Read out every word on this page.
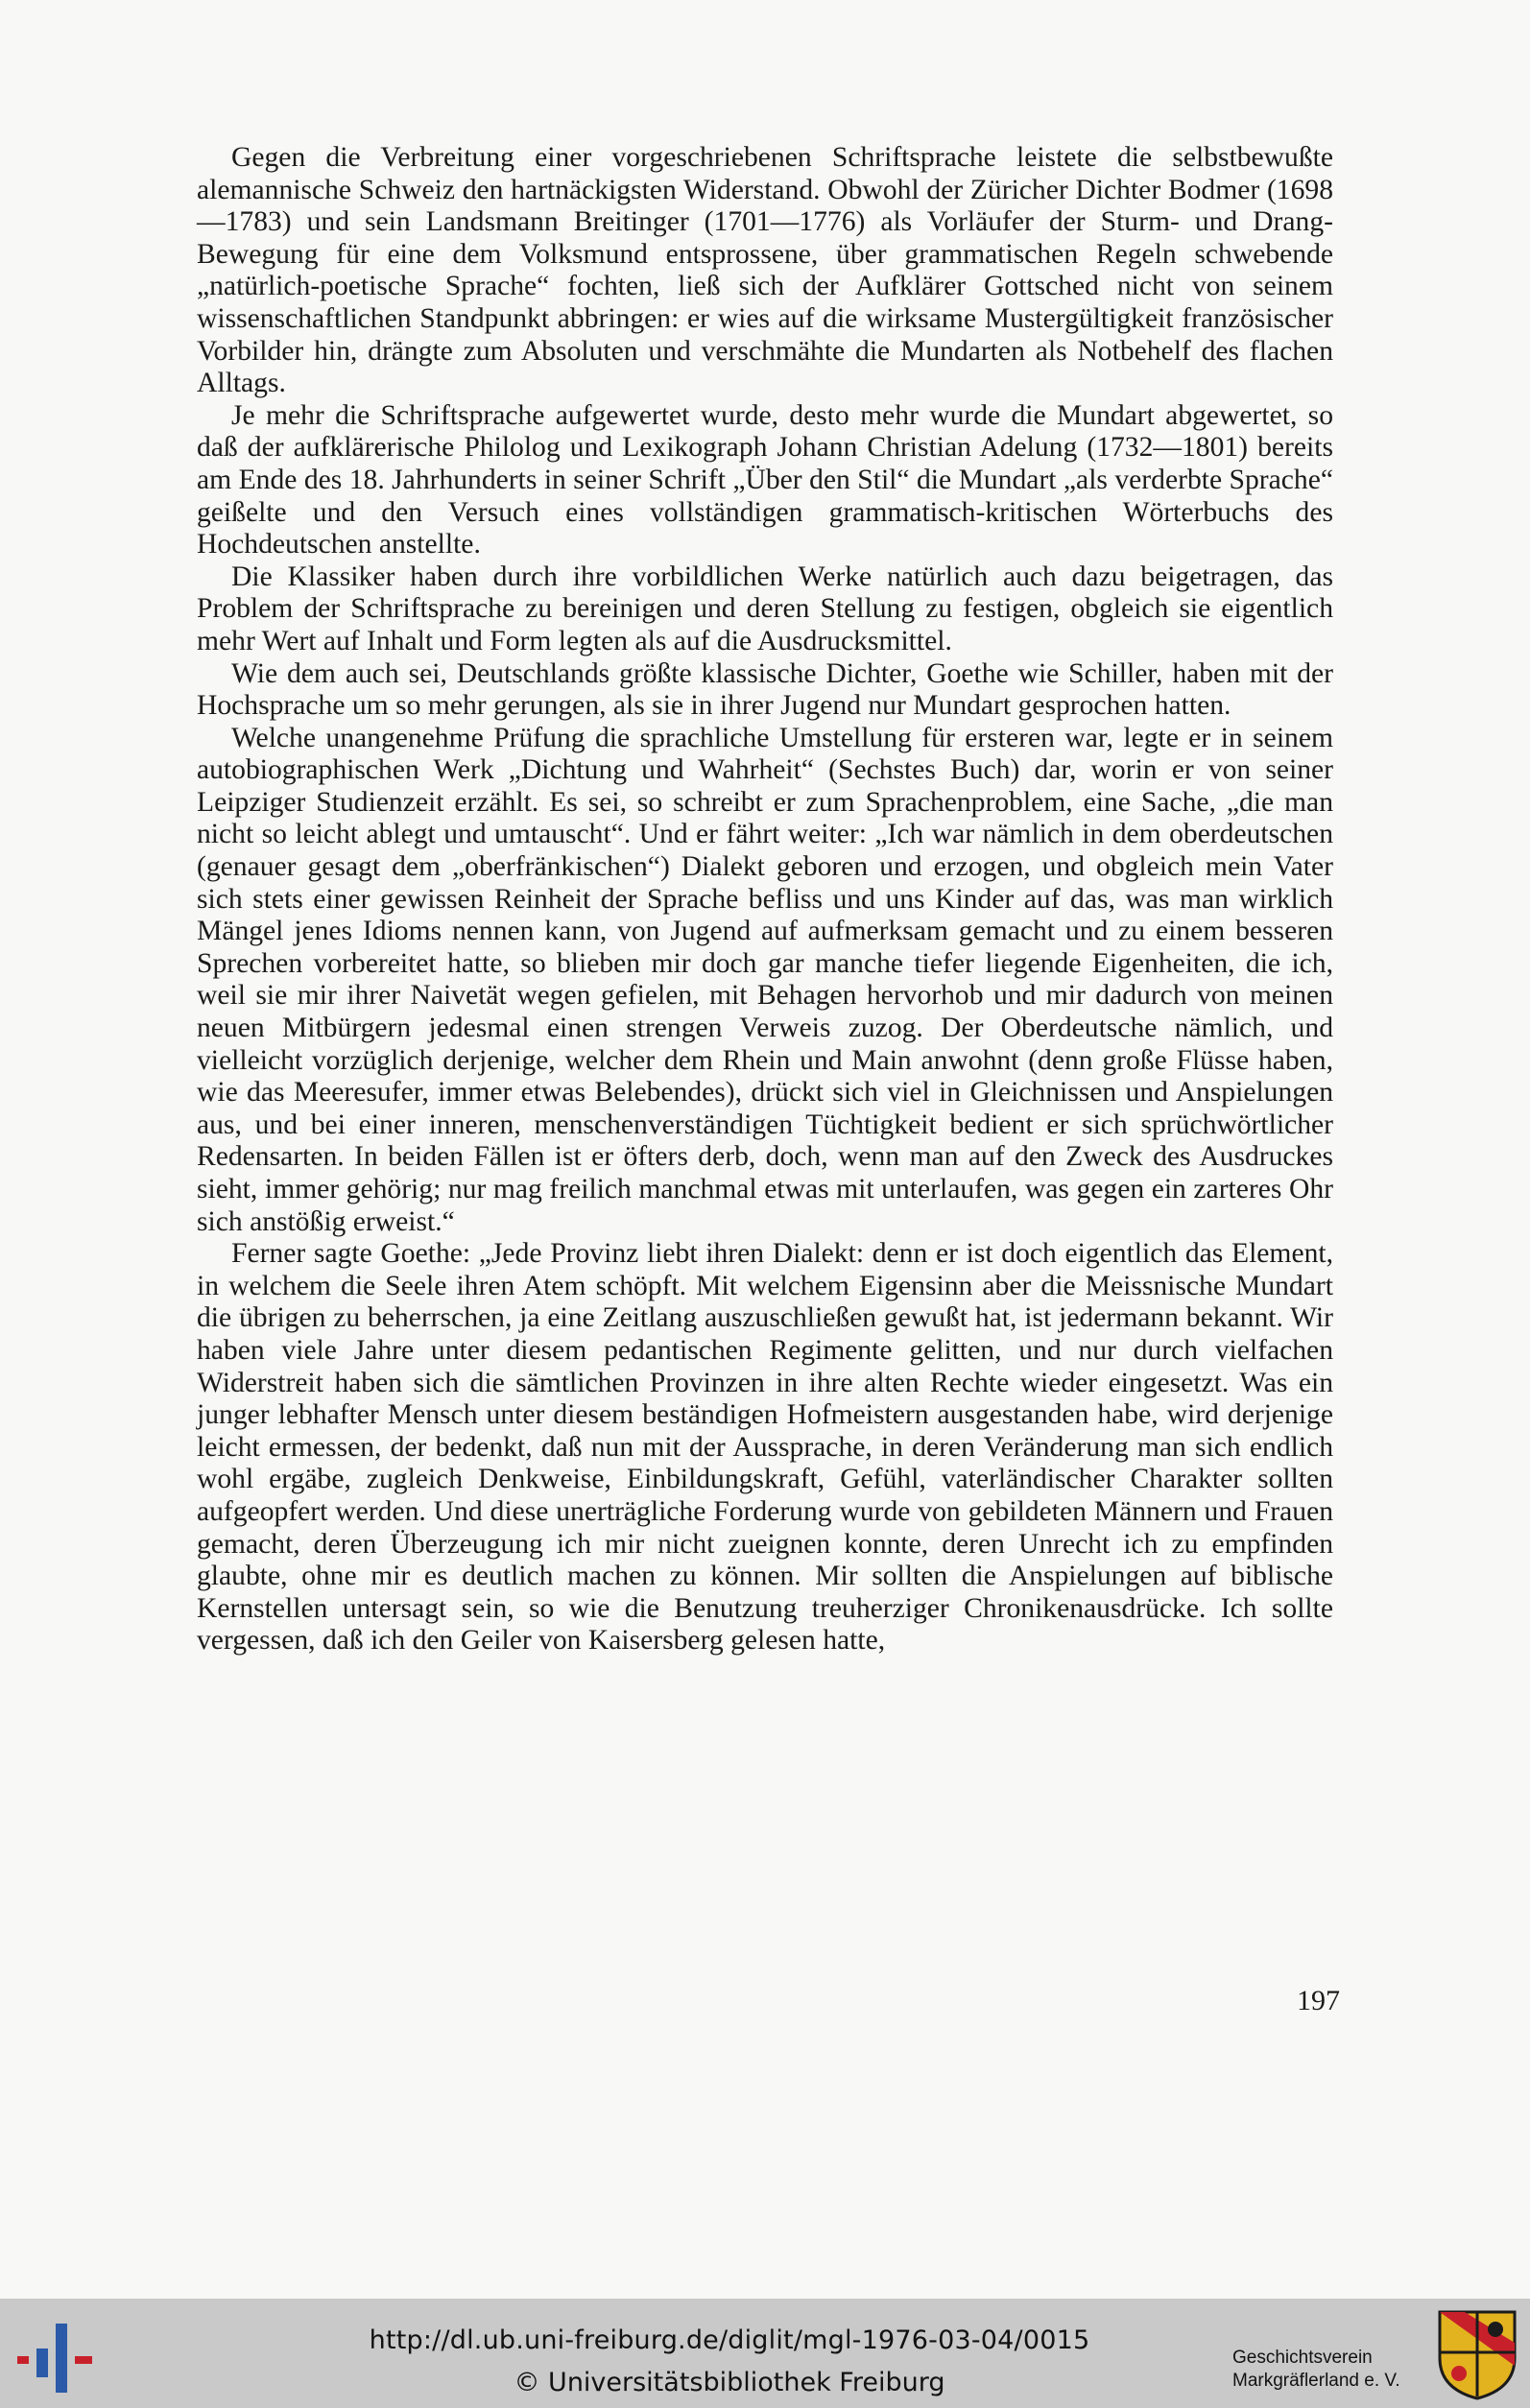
Gegen die Verbreitung einer vorgeschriebenen Schriftsprache leistete die selbstbewußte alemannische Schweiz den hartnäckigsten Widerstand. Obwohl der Züricher Dichter Bodmer (1698—1783) und sein Landsmann Breitinger (1701—1776) als Vorläufer der Sturm- und Drang-Bewegung für eine dem Volksmund entsprossene, über grammatischen Regeln schwebende „natürlich-poetische Sprache“ fochten, ließ sich der Aufklärer Gottsched nicht von seinem wissenschaftlichen Standpunkt abbringen: er wies auf die wirksame Mustergültigkeit französischer Vorbilder hin, drängte zum Absoluten und verschmähte die Mundarten als Notbehelf des flachen Alltags.

Je mehr die Schriftsprache aufgewertet wurde, desto mehr wurde die Mundart abgewertet, so daß der aufklärerische Philolog und Lexikograph Johann Christian Adelung (1732—1801) bereits am Ende des 18. Jahrhunderts in seiner Schrift „Über den Stil“ die Mundart „als verderbte Sprache“ geißelte und den Versuch eines vollständigen grammatisch-kritischen Wörterbuchs des Hochdeutschen anstellte.

Die Klassiker haben durch ihre vorbildlichen Werke natürlich auch dazu beigetragen, das Problem der Schriftsprache zu bereinigen und deren Stellung zu festigen, obgleich sie eigentlich mehr Wert auf Inhalt und Form legten als auf die Ausdrucksmittel.

Wie dem auch sei, Deutschlands größte klassische Dichter, Goethe wie Schiller, haben mit der Hochsprache um so mehr gerungen, als sie in ihrer Jugend nur Mundart gesprochen hatten.

Welche unangenehme Prüfung die sprachliche Umstellung für ersteren war, legte er in seinem autobiographischen Werk „Dichtung und Wahrheit“ (Sechstes Buch) dar, worin er von seiner Leipziger Studienzeit erzählt. Es sei, so schreibt er zum Sprachenproblem, eine Sache, „die man nicht so leicht ablegt und umtauscht“. Und er fährt weiter: „Ich war nämlich in dem oberdeutschen (genauer gesagt dem „oberfränkischen“) Dialekt geboren und erzogen, und obgleich mein Vater sich stets einer gewissen Reinheit der Sprache befliss und uns Kinder auf das, was man wirklich Mängel jenes Idioms nennen kann, von Jugend auf aufmerksam gemacht und zu einem besseren Sprechen vorbereitet hatte, so blieben mir doch gar manche tiefer liegende Eigenheiten, die ich, weil sie mir ihrer Naivetät wegen gefielen, mit Behagen hervorhob und mir dadurch von meinen neuen Mitbürgern jedesmal einen strengen Verweis zuzog. Der Oberdeutsche nämlich, und vielleicht vorzüglich derjenige, welcher dem Rhein und Main anwohnt (denn große Flüsse haben, wie das Meeresufer, immer etwas Belebendes), drückt sich viel in Gleichnissen und Anspielungen aus, und bei einer inneren, menschenverständigen Tüchtigkeit bedient er sich sprüchwörtlicher Redensarten. In beiden Fällen ist er öfters derb, doch, wenn man auf den Zweck des Ausdruckes sieht, immer gehörig; nur mag freilich manchmal etwas mit unterlaufen, was gegen ein zarteres Ohr sich anstößig erweist.“

Ferner sagte Goethe: „Jede Provinz liebt ihren Dialekt: denn er ist doch eigentlich das Element, in welchem die Seele ihren Atem schöpft. Mit welchem Eigensinn aber die Meissnische Mundart die übrigen zu beherrschen, ja eine Zeitlang auszuschließen gewußt hat, ist jedermann bekannt. Wir haben viele Jahre unter diesem pedantischen Regimente gelitten, und nur durch vielfachen Widerstreit haben sich die sämtlichen Provinzen in ihre alten Rechte wieder eingesetzt. Was ein junger lebhafter Mensch unter diesem beständigen Hofmeistern ausgestanden habe, wird derjenige leicht ermessen, der bedenkt, daß nun mit der Aussprache, in deren Veränderung man sich endlich wohl ergäbe, zugleich Denkweise, Einbildungskraft, Gefühl, vaterländischer Charakter sollten aufgeopfert werden. Und diese unerträgliche Forderung wurde von gebildeten Männern und Frauen gemacht, deren Überzeugung ich mir nicht zueignen konnte, deren Unrecht ich zu empfinden glaubte, ohne mir es deutlich machen zu können. Mir sollten die Anspielungen auf biblische Kernstellen untersagt sein, so wie die Benutzung treuherziger Chronikenausdrücke. Ich sollte vergessen, daß ich den Geiler von Kaisersberg gelesen hatte,

197
http://dl.ub.uni-freiburg.de/diglit/mgl-1976-03-04/0015
© Universitätsbibliothek Freiburg
Geschichtsverein
Markgräflerland e. V.
